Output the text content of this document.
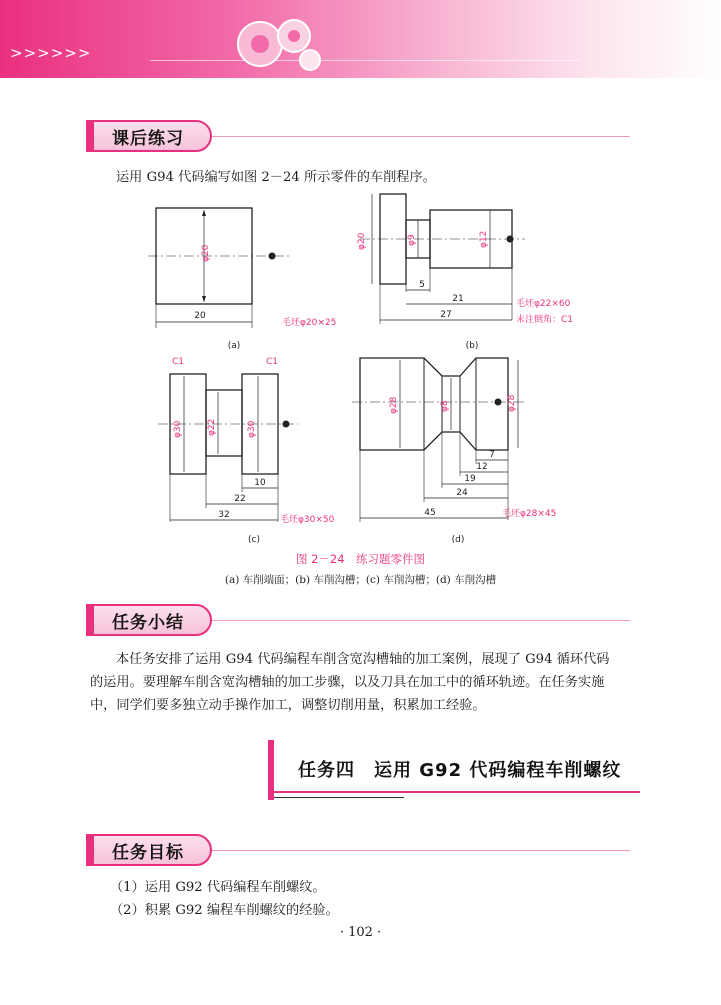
>>>>>>
课后练习
运用 G94 代码编写如图 2－24 所示零件的车削程序。
φ20
20
毛坯φ20×25
(a)
φ20	φ9	φ12
5
21
27
毛坯φ22×60
未注倒角：C1
(b)
C1	C1
φ30	φ22	φ30
10
22
32	毛坯φ30×50
(c)
φ28	φ8	φ28
7
12
19
24
45	毛坯φ28×45
(d)
图 2－24　练习题零件图
(a) 车削端面；(b) 车削沟槽；(c) 车削沟槽；(d) 车削沟槽
任务小结

本任务安排了运用 G94 代码编程车削含宽沟槽轴的加工案例，展现了 G94 循环代码

的运用。要理解车削含宽沟槽轴的加工步骤，以及刀具在加工中的循环轨迹。在任务实施

中，同学们要多独立动手操作加工，调整切削用量，积累加工经验。

任务四　运用 G92 代码编程车削螺纹
任务目标

（1）运用 G92 代码编程车削螺纹。

（2）积累 G92 编程车削螺纹的经验。

· 102 ·
